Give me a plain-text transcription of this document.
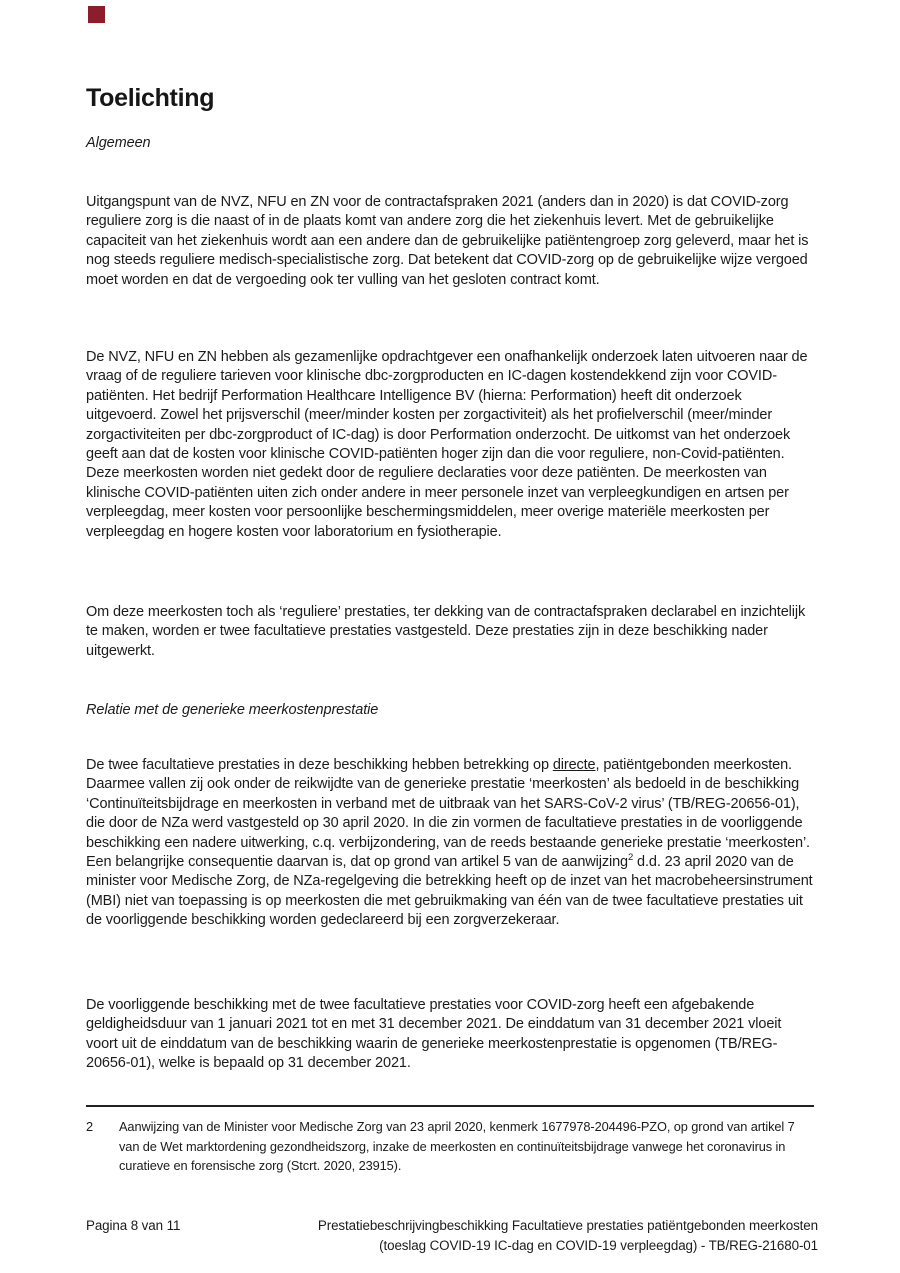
Toelichting
Algemeen

Uitgangspunt van de NVZ, NFU en ZN voor de contractafspraken 2021 (anders dan in 2020) is dat COVID-zorg reguliere zorg is die naast of in de plaats komt van andere zorg die het ziekenhuis levert. Met de gebruikelijke capaciteit van het ziekenhuis wordt aan een andere dan de gebruikelijke patiëntengroep zorg geleverd, maar het is nog steeds reguliere medisch-specialistische zorg. Dat betekent dat COVID-zorg op de gebruikelijke wijze vergoed moet worden en dat de vergoeding ook ter vulling van het gesloten contract komt.

De NVZ, NFU en ZN hebben als gezamenlijke opdrachtgever een onafhankelijk onderzoek laten uitvoeren naar de vraag of de reguliere tarieven voor klinische dbc-zorgproducten en IC-dagen kostendekkend zijn voor COVID-patiënten. Het bedrijf Performation Healthcare Intelligence BV (hierna: Performation) heeft dit onderzoek uitgevoerd. Zowel het prijsverschil (meer/minder kosten per zorgactiviteit) als het profielverschil (meer/minder zorgactiviteiten per dbc-zorgproduct of IC-dag) is door Performation onderzocht. De uitkomst van het onderzoek geeft aan dat de kosten voor klinische COVID-patiënten hoger zijn dan die voor reguliere, non-Covid-patiënten. Deze meerkosten worden niet gedekt door de reguliere declaraties voor deze patiënten. De meerkosten van klinische COVID-patiënten uiten zich onder andere in meer personele inzet van verpleegkundigen en artsen per verpleegdag, meer kosten voor persoonlijke beschermingsmiddelen, meer overige materiële meerkosten per verpleegdag en hogere kosten voor laboratorium en fysiotherapie.

Om deze meerkosten toch als ‘reguliere’ prestaties, ter dekking van de contractafspraken declarabel en inzichtelijk te maken, worden er twee facultatieve prestaties vastgesteld. Deze prestaties zijn in deze beschikking nader uitgewerkt.

Relatie met de generieke meerkostenprestatie

De twee facultatieve prestaties in deze beschikking hebben betrekking op directe, patiëntgebonden meerkosten. Daarmee vallen zij ook onder de reikwijdte van de generieke prestatie ‘meerkosten’ als bedoeld in de beschikking ‘Continuïteitsbijdrage en meerkosten in verband met de uitbraak van het SARS-CoV-2 virus’ (TB/REG-20656-01), die door de NZa werd vastgesteld op 30 april 2020. In die zin vormen de facultatieve prestaties in de voorliggende beschikking een nadere uitwerking, c.q. verbijzondering, van de reeds bestaande generieke prestatie ‘meerkosten’. Een belangrijke consequentie daarvan is, dat op grond van artikel 5 van de aanwijzing$^2$ d.d. 23 april 2020 van de minister voor Medische Zorg, de NZa-regelgeving die betrekking heeft op de inzet van het macrobeheersinstrument (MBI) niet van toepassing is op meerkosten die met gebruikmaking van één van de twee facultatieve prestaties uit de voorliggende beschikking worden gedeclareerd bij een zorgverzekeraar.

De voorliggende beschikking met de twee facultatieve prestaties voor COVID-zorg heeft een afgebakende geldigheidsduur van 1 januari 2021 tot en met 31 december 2021. De einddatum van 31 december 2021 vloeit voort uit de einddatum van de beschikking waarin de generieke meerkostenprestatie is opgenomen (TB/REG-20656-01), welke is bepaald op 31 december 2021.

2	Aanwijzing van de Minister voor Medische Zorg van 23 april 2020, kenmerk 1677978-204496-PZO, op grond van artikel 7 van de Wet marktordening gezondheidszorg, inzake de meerkosten en continuïteitsbijdrage vanwege het coronavirus in curatieve en forensische zorg (Stcrt. 2020, 23915).
Pagina 8 van 11	Prestatiebeschrijvingbeschikking Facultatieve prestaties patiëntgebonden meerkosten
(toeslag COVID-19 IC-dag en COVID-19 verpleegdag) - TB/REG-21680-01
